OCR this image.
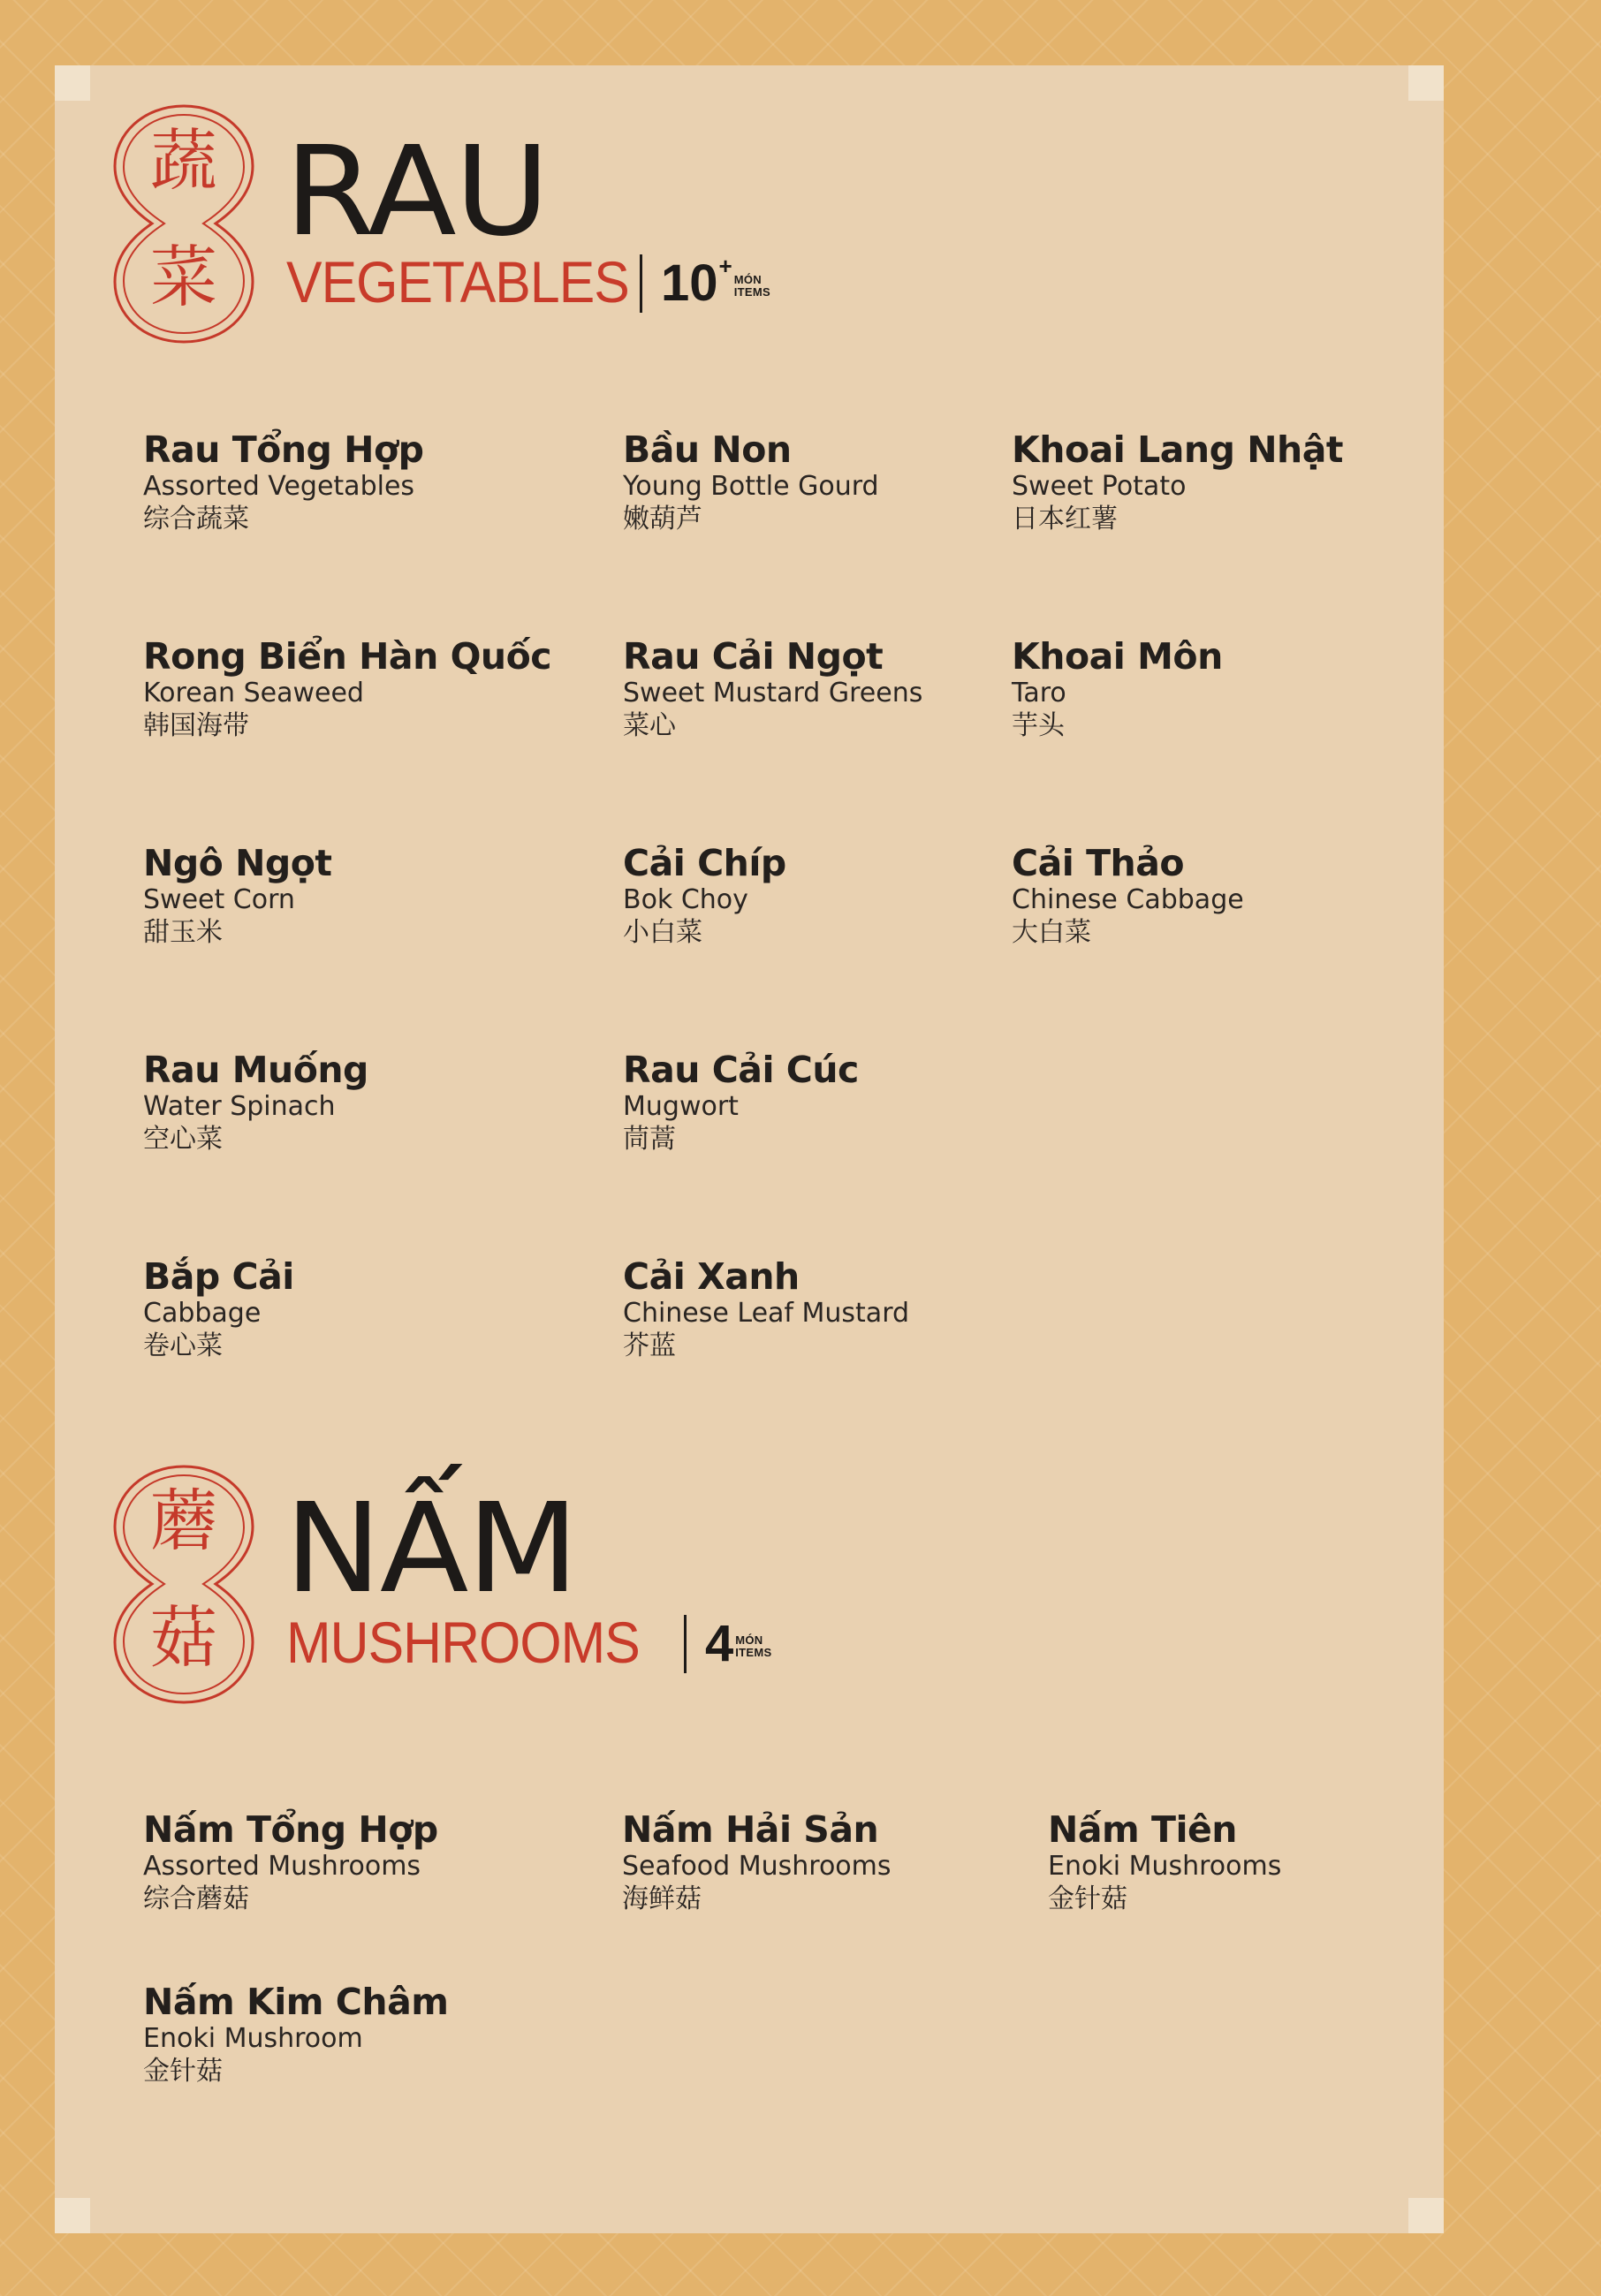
蔬
菜
RAU
VEGETABLES 10 +
MÓN
ITEMS
Rau Tổng Hợp
Assorted Vegetables
综合蔬菜
Bầu Non
Young Bottle Gourd
嫩葫芦
Khoai Lang Nhật
Sweet Potato
日本红薯
Rong Biển Hàn Quốc
Korean Seaweed
韩国海带
Rau Cải Ngọt
Sweet Mustard Greens
菜心
Khoai Môn
Taro
芋头
Ngô Ngọt
Sweet Corn
甜玉米
Cải Chíp
Bok Choy
小白菜
Cải Thảo
Chinese Cabbage
大白菜
Rau Muống
Water Spinach
空心菜
Rau Cải Cúc
Mugwort
茼蒿
Bắp Cải
Cabbage
卷心菜
Cải Xanh
Chinese Leaf Mustard
芥蓝
蘑
菇
NẤM
MUSHROOMS 4 MÓN
ITEMS
Nấm Tổng Hợp
Assorted Mushrooms
综合蘑菇
Nấm Hải Sản
Seafood Mushrooms
海鲜菇
Nấm Tiên
Enoki Mushrooms
金针菇
Nấm Kim Châm
Enoki Mushroom
金针菇
